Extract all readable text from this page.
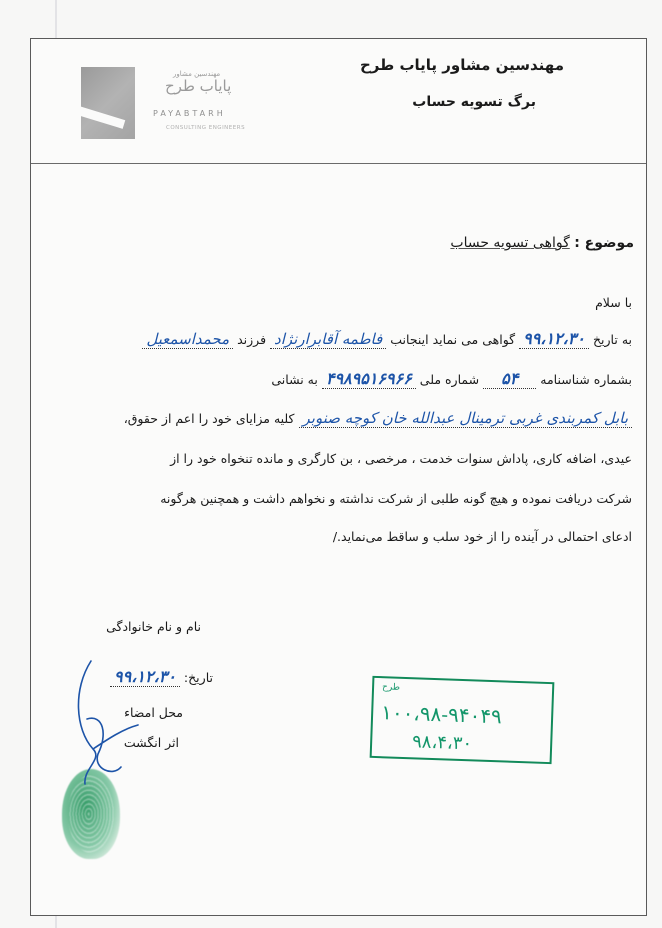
مهندسین مشاور
پایاب طرح
PAYABTARH
CONSULTING ENGINEERS
مهندسین مشاور پایاب طرح
برگ تسویه حساب
موضوع : گواهی تسویه حساب
با سلام
به تاریخ ۹۹،۱۲،۳۰ گواهی می نماید اینجانب فاطمه آقابرارنژاد فرزند محمداسمعیل
بشماره شناسنامه ۵۴ شماره ملی ۴۹۸۹۵۱۶۹۶۶ به نشانی
بابل کمربندی غربی ترمینال عبدالله خان کوچه صنوبر کلیه مزایای خود را اعم از حقوق،
عیدی، اضافه کاری، پاداش سنوات خدمت ، مرخصی ، بن کارگری و مانده تنخواه خود را از
شرکت دریافت نموده و هیچ گونه طلبی از شرکت نداشته و نخواهم داشت و همچنین هرگونه
ادعای احتمالی در آینده را از خود سلب و ساقط می‌نماید./
نام و نام خانوادگی
تاریخ: ۹۹،۱۲،۳۰
محل امضاء
اثر انگشت
طرح
۱۰۰،۹۸-۹۴۰۴۹
۹۸،۴،۳۰
